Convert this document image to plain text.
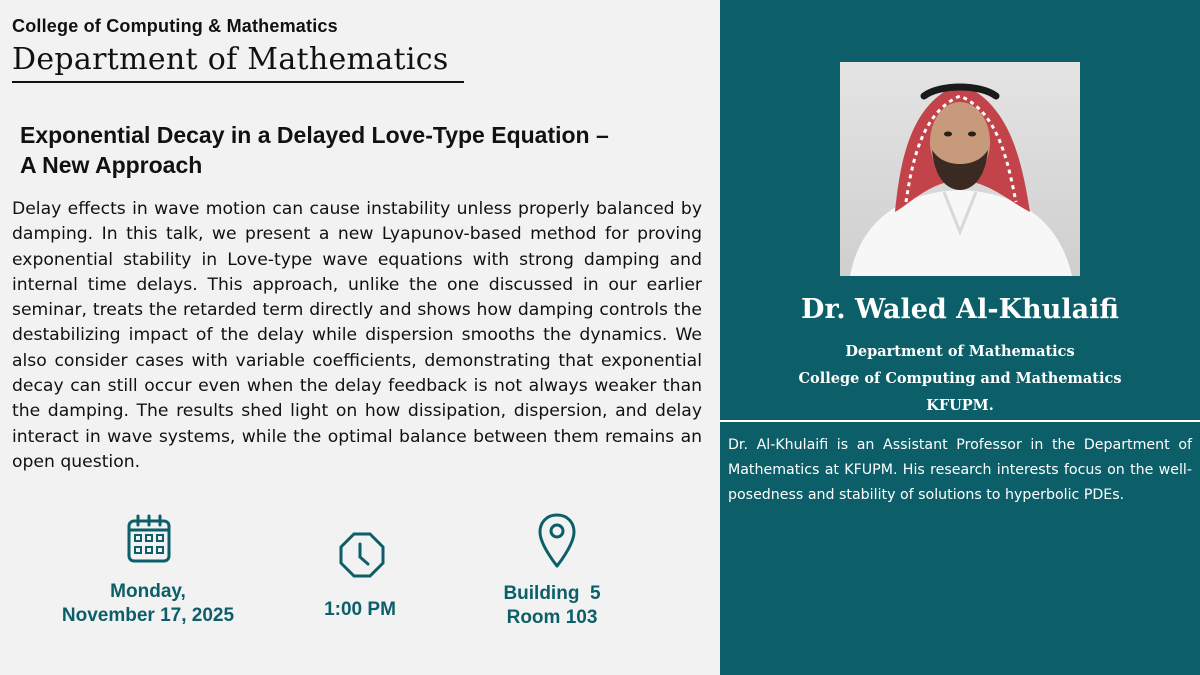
College of Computing & Mathematics
Department of Mathematics
Exponential Decay in a Delayed Love-Type Equation –
A New Approach
Delay effects in wave motion can cause instability unless properly balanced by damping. In this talk, we present a new Lyapunov-based method for proving exponential stability in Love-type wave equations with strong damping and internal time delays. This approach, unlike the one discussed in our earlier seminar, treats the retarded term directly and shows how damping controls the destabilizing impact of the delay while dispersion smooths the dynamics. We also consider cases with variable coefficients, demonstrating that exponential decay can still occur even when the delay feedback is not always weaker than the damping. The results shed light on how dissipation, dispersion, and delay interact in wave systems, while the optimal balance between them remains an open question.
Monday,
November 17, 2025	1:00 PM
Building  5
Room 103
Dr. Waled Al-Khulaifi
Department of Mathematics
College of Computing and Mathematics
KFUPM.
Dr. Al-Khulaifi is an Assistant Professor in the Department of Mathematics at KFUPM. His research interests focus on the well-posedness and stability of solutions to hyperbolic PDEs.
